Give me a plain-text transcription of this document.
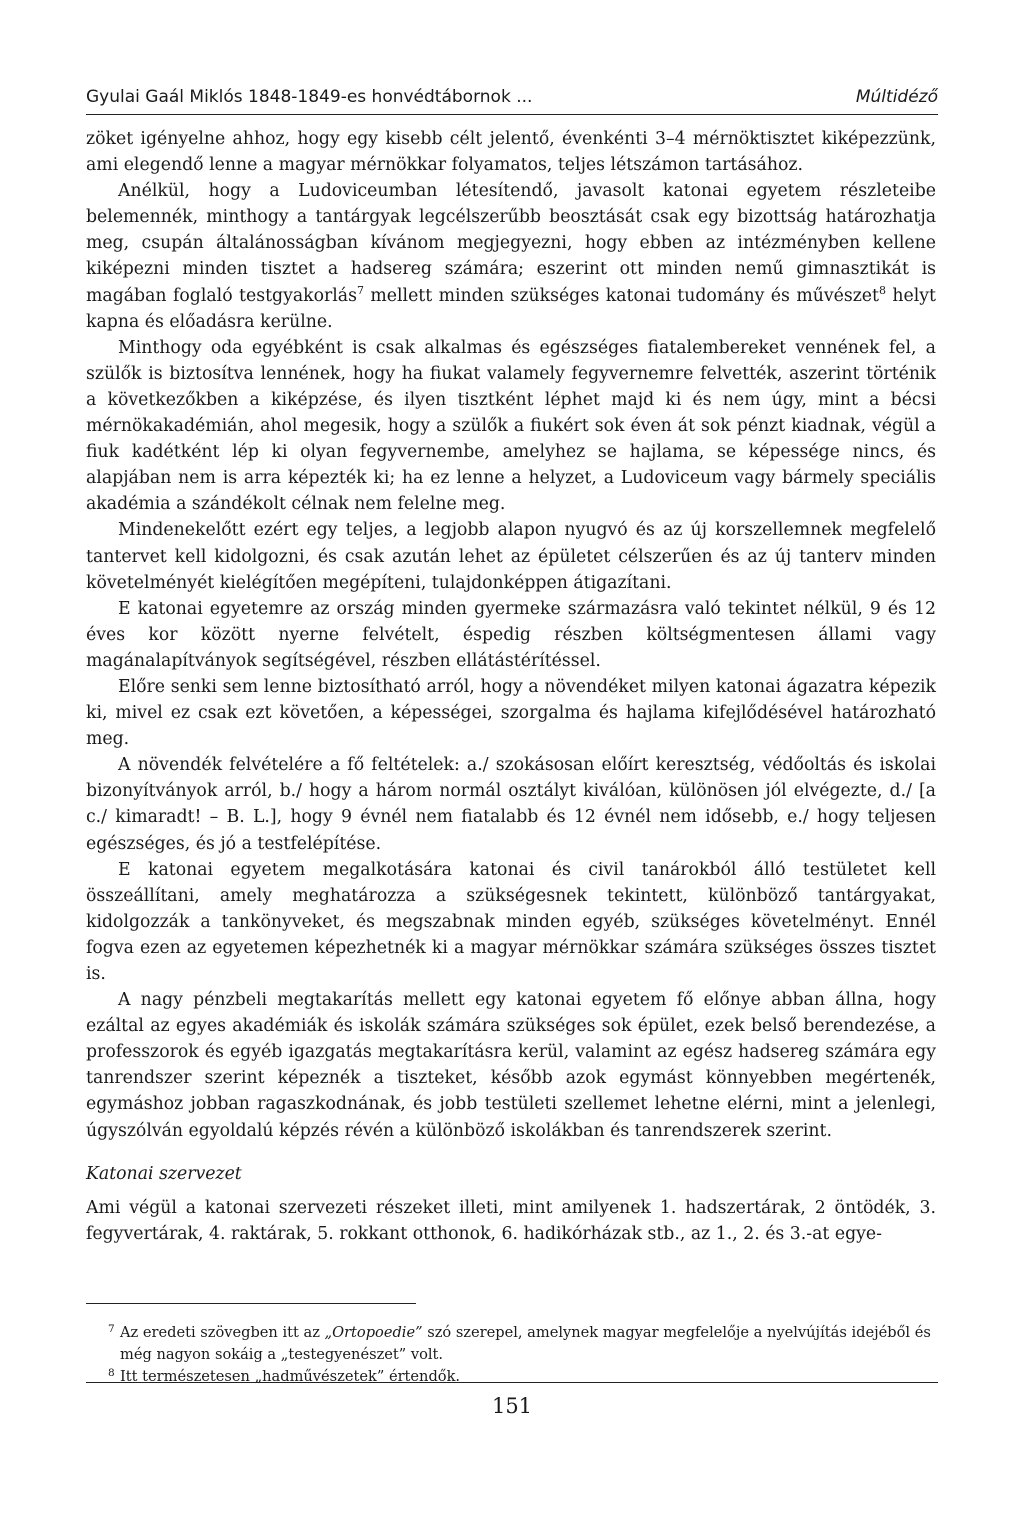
Gyulai Gaál Miklós 1848-1849-es honvédtábornok ...	Múltidéző

zöket igényelne ahhoz, hogy egy kisebb célt jelentő, évenkénti 3–4 mérnöktisztet kiképezzünk, ami elegendő lenne a magyar mérnökkar folyamatos, teljes létszámon tartásához.

Anélkül, hogy a Ludoviceumban létesítendő, javasolt katonai egyetem részleteibe belemennék, minthogy a tantárgyak legcélszerűbb beosztását csak egy bizottság határozhatja meg, csupán általánosságban kívánom megjegyezni, hogy ebben az intézményben kellene kiképezni minden tisztet a hadsereg számára; eszerint ott minden nemű gimnasztikát is magában foglaló testgyakorlás$^7$ mellett minden szükséges katonai tudomány és művészet$^8$ helyt kapna és előadásra kerülne.

Minthogy oda egyébként is csak alkalmas és egészséges fiatalembereket vennének fel, a szülők is biztosítva lennének, hogy ha fiukat valamely fegyvernemre felvették, aszerint történik a következőkben a kiképzése, és ilyen tisztként léphet majd ki és nem úgy, mint a bécsi mérnökakadémián, ahol megesik, hogy a szülők a fiukért sok éven át sok pénzt kiadnak, végül a fiuk kadétként lép ki olyan fegyvernembe, amelyhez se hajlama, se képessége nincs, és alapjában nem is arra képezték ki; ha ez lenne a helyzet, a Ludoviceum vagy bármely speciális akadémia a szándékolt célnak nem felelne meg.

Mindenekelőtt ezért egy teljes, a legjobb alapon nyugvó és az új korszellemnek megfelelő tantervet kell kidolgozni, és csak azután lehet az épületet célszerűen és az új tanterv minden követelményét kielégítően megépíteni, tulajdonképpen átigazítani.

E katonai egyetemre az ország minden gyermeke származásra való tekintet nélkül, 9 és 12 éves kor között nyerne felvételt, éspedig részben költségmentesen állami vagy magánalapítványok segítségével, részben ellátástérítéssel.

Előre senki sem lenne biztosítható arról, hogy a növendéket milyen katonai ágazatra képezik ki, mivel ez csak ezt követően, a képességei, szorgalma és hajlama kifejlődésével határozható meg.

A növendék felvételére a fő feltételek: a./ szokásosan előírt keresztség, védőoltás és iskolai bizonyítványok arról, b./ hogy a három normál osztályt kiválóan, különösen jól elvégezte, d./ [a c./ kimaradt! – B. L.], hogy 9 évnél nem fiatalabb és 12 évnél nem idősebb, e./ hogy teljesen egészséges, és jó a testfelépítése.

E katonai egyetem megalkotására katonai és civil tanárokból álló testületet kell összeállítani, amely meghatározza a szükségesnek tekintett, különböző tantárgyakat, kidolgozzák a tankönyveket, és megszabnak minden egyéb, szükséges követelményt. Ennél fogva ezen az egyetemen képezhetnék ki a magyar mérnökkar számára szükséges összes tisztet is.

A nagy pénzbeli megtakarítás mellett egy katonai egyetem fő előnye abban állna, hogy ezáltal az egyes akadémiák és iskolák számára szükséges sok épület, ezek belső berendezése, a professzorok és egyéb igazgatás megtakarításra kerül, valamint az egész hadsereg számára egy tanrendszer szerint képeznék a tiszteket, később azok egymást könnyebben megértenék, egymáshoz jobban ragaszkodnának, és jobb testületi szellemet lehetne elérni, mint a jelenlegi, úgyszólván egyoldalú képzés révén a különböző iskolákban és tanrendszerek szerint.

Katonai szervezet

Ami végül a katonai szervezeti részeket illeti, mint amilyenek 1. hadszertárak, 2 öntödék, 3. fegyvertárak, 4. raktárak, 5. rokkant otthonok, 6. hadikórházak stb., az 1., 2. és 3.-at egye-

7 Az eredeti szövegben itt az „Ortopoedie” szó szerepel, amelynek magyar megfelelője a nyelvújítás idejéből és még nagyon sokáig a „testegyenészet” volt.
8 Itt természetesen „hadművészetek” értendők.
151
